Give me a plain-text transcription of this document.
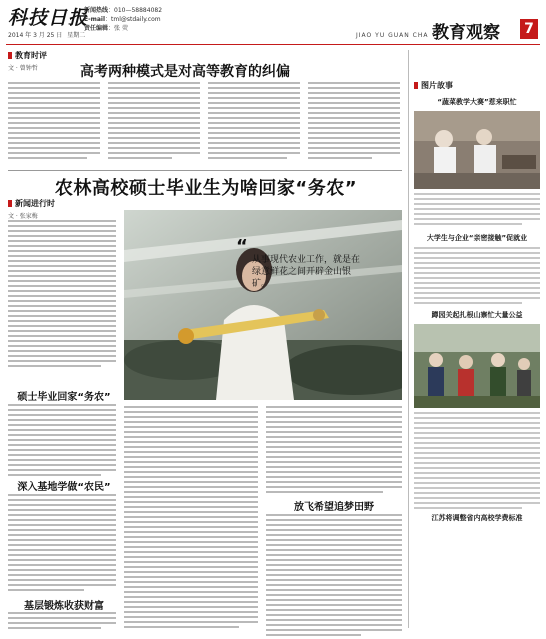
科技日报
2014 年 3 月 25 日 星期二
新闻热线：010—58884082
E-mail：tml@stdaily.com
责任编辑：张 荧
JIAO YU GUAN CHA 教育观察 7
教育时评
文 · 曾钟哲	高考两种模式是对高等教育的纠偏
农林高校硕士毕业生为啥回家“务农”
新闻进行时
文 · 张家梅
“
从事现代农业工作，就是在绿意鲜花之间开辟金山银矿。
硕士毕业回家“务农”
深入基地学做“农民”
基层锻炼收获财富
放飞希望追梦田野
图片故事
“蔬菜教学大赛”惹来职忙
大学生与企业“亲密接触”促就业
蹲园关起扎根山寨忙大量公益
江苏将调整省内高校学费标准
